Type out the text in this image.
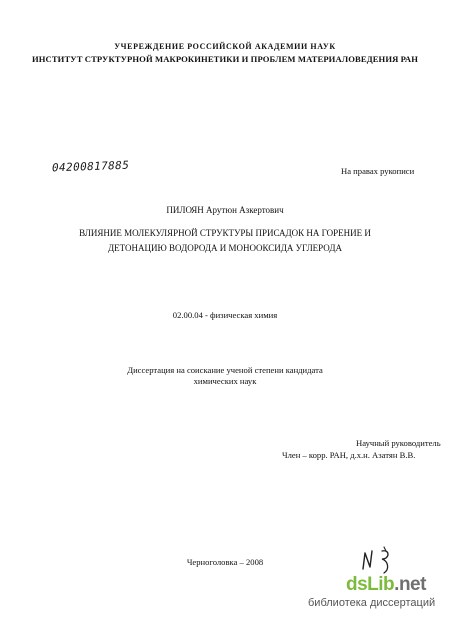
УЧЕРЕЖДЕНИЕ РОССИЙСКОЙ АКАДЕМИИ НАУК
ИНСТИТУТ СТРУКТУРНОЙ МАКРОКИНЕТИКИ И ПРОБЛЕМ МАТЕРИАЛОВЕДЕНИЯ РАН
04200817885	На правах рукописи
ПИЛОЯН Арутюн Азкертович
ВЛИЯНИЕ МОЛЕКУЛЯРНОЙ СТРУКТУРЫ ПРИСАДОК НА ГОРЕНИЕ И
ДЕТОНАЦИЮ ВОДОРОДА И МОНООКСИДА УГЛЕРОДА
02.00.04 - физическая химия
Диссертация на соискание ученой степени кандидата
химических наук
Научный руководитель
Член – корр. РАН, д.х.н. Азатян В.В.
Черноголовка – 2008
dsLib.net
библиотека диссертаций
